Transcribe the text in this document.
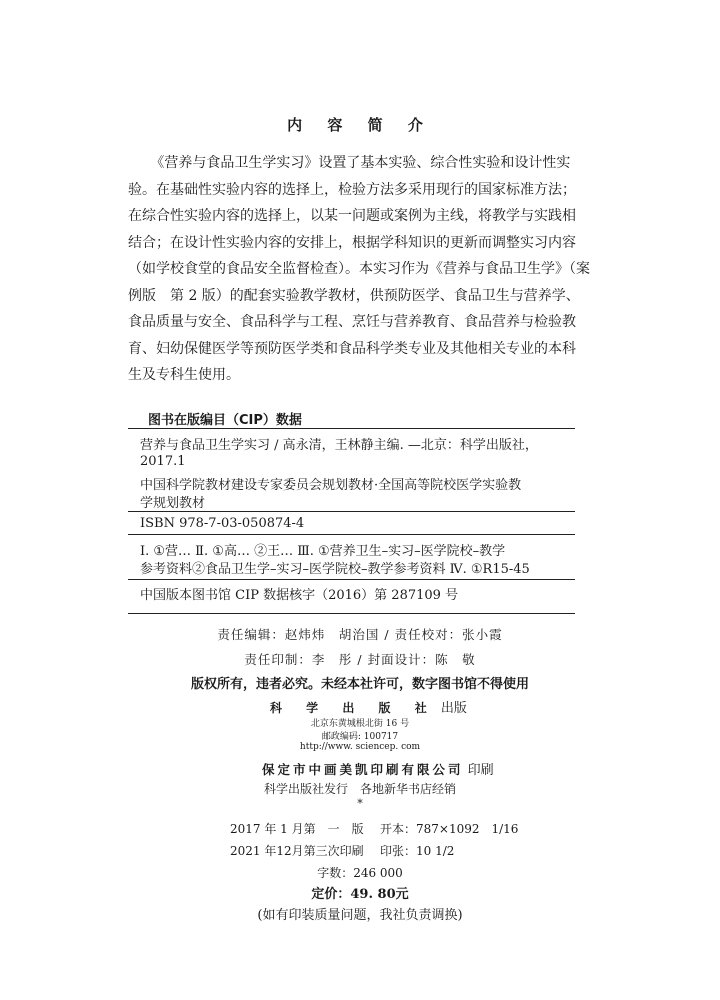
内 容 简 介

《营养与食品卫生学实习》设置了基本实验、综合性实验和设计性实

验。在基础性实验内容的选择上，检验方法多采用现行的国家标准方法；

在综合性实验内容的选择上，以某一问题或案例为主线，将教学与实践相

结合；在设计性实验内容的安排上，根据学科知识的更新而调整实习内容

（如学校食堂的食品安全监督检查）。本实习作为《营养与食品卫生学》（案

例版　第 2 版）的配套实验教学教材，供预防医学、食品卫生与营养学、

食品质量与安全、食品科学与工程、烹饪与营养教育、食品营养与检验教

育、妇幼保健医学等预防医学类和食品科学类专业及其他相关专业的本科

生及专科生使用。

图书在版编目（CIP）数据
营养与食品卫生学实习 / 高永清，王林静主编. —北京：科学出版社，
2017.1
中国科学院教材建设专家委员会规划教材·全国高等院校医学实验教
学规划教材
ISBN 978-7-03-050874-4
Ⅰ. ①营… Ⅱ. ①高… ②王… Ⅲ. ①营养卫生–实习–医学院校–教学
参考资料②食品卫生学–实习–医学院校–教学参考资料 Ⅳ. ①R15-45
中国版本图书馆 CIP 数据核字（2016）第 287109 号
责任编辑：赵炜炜　胡治国 / 责任校对：张小霞
责任印制：李　彤 / 封面设计：陈　敬
版权所有，违者必究。未经本社许可，数字图书馆不得使用
科 学 出 版 社 出版
北京东黄城根北街 16 号
邮政编码: 100717
http://www. sciencep. com
保定市中画美凯印刷有限公司 印刷
科学出版社发行　各地新华书店经销
*
2017 年 1 月第　一　版 开本：787×1092　1/16
2021 年12月第三次印刷 印张：10 1/2
字数：246 000
定价：49. 80元
(如有印装质量问题，我社负责调换)
